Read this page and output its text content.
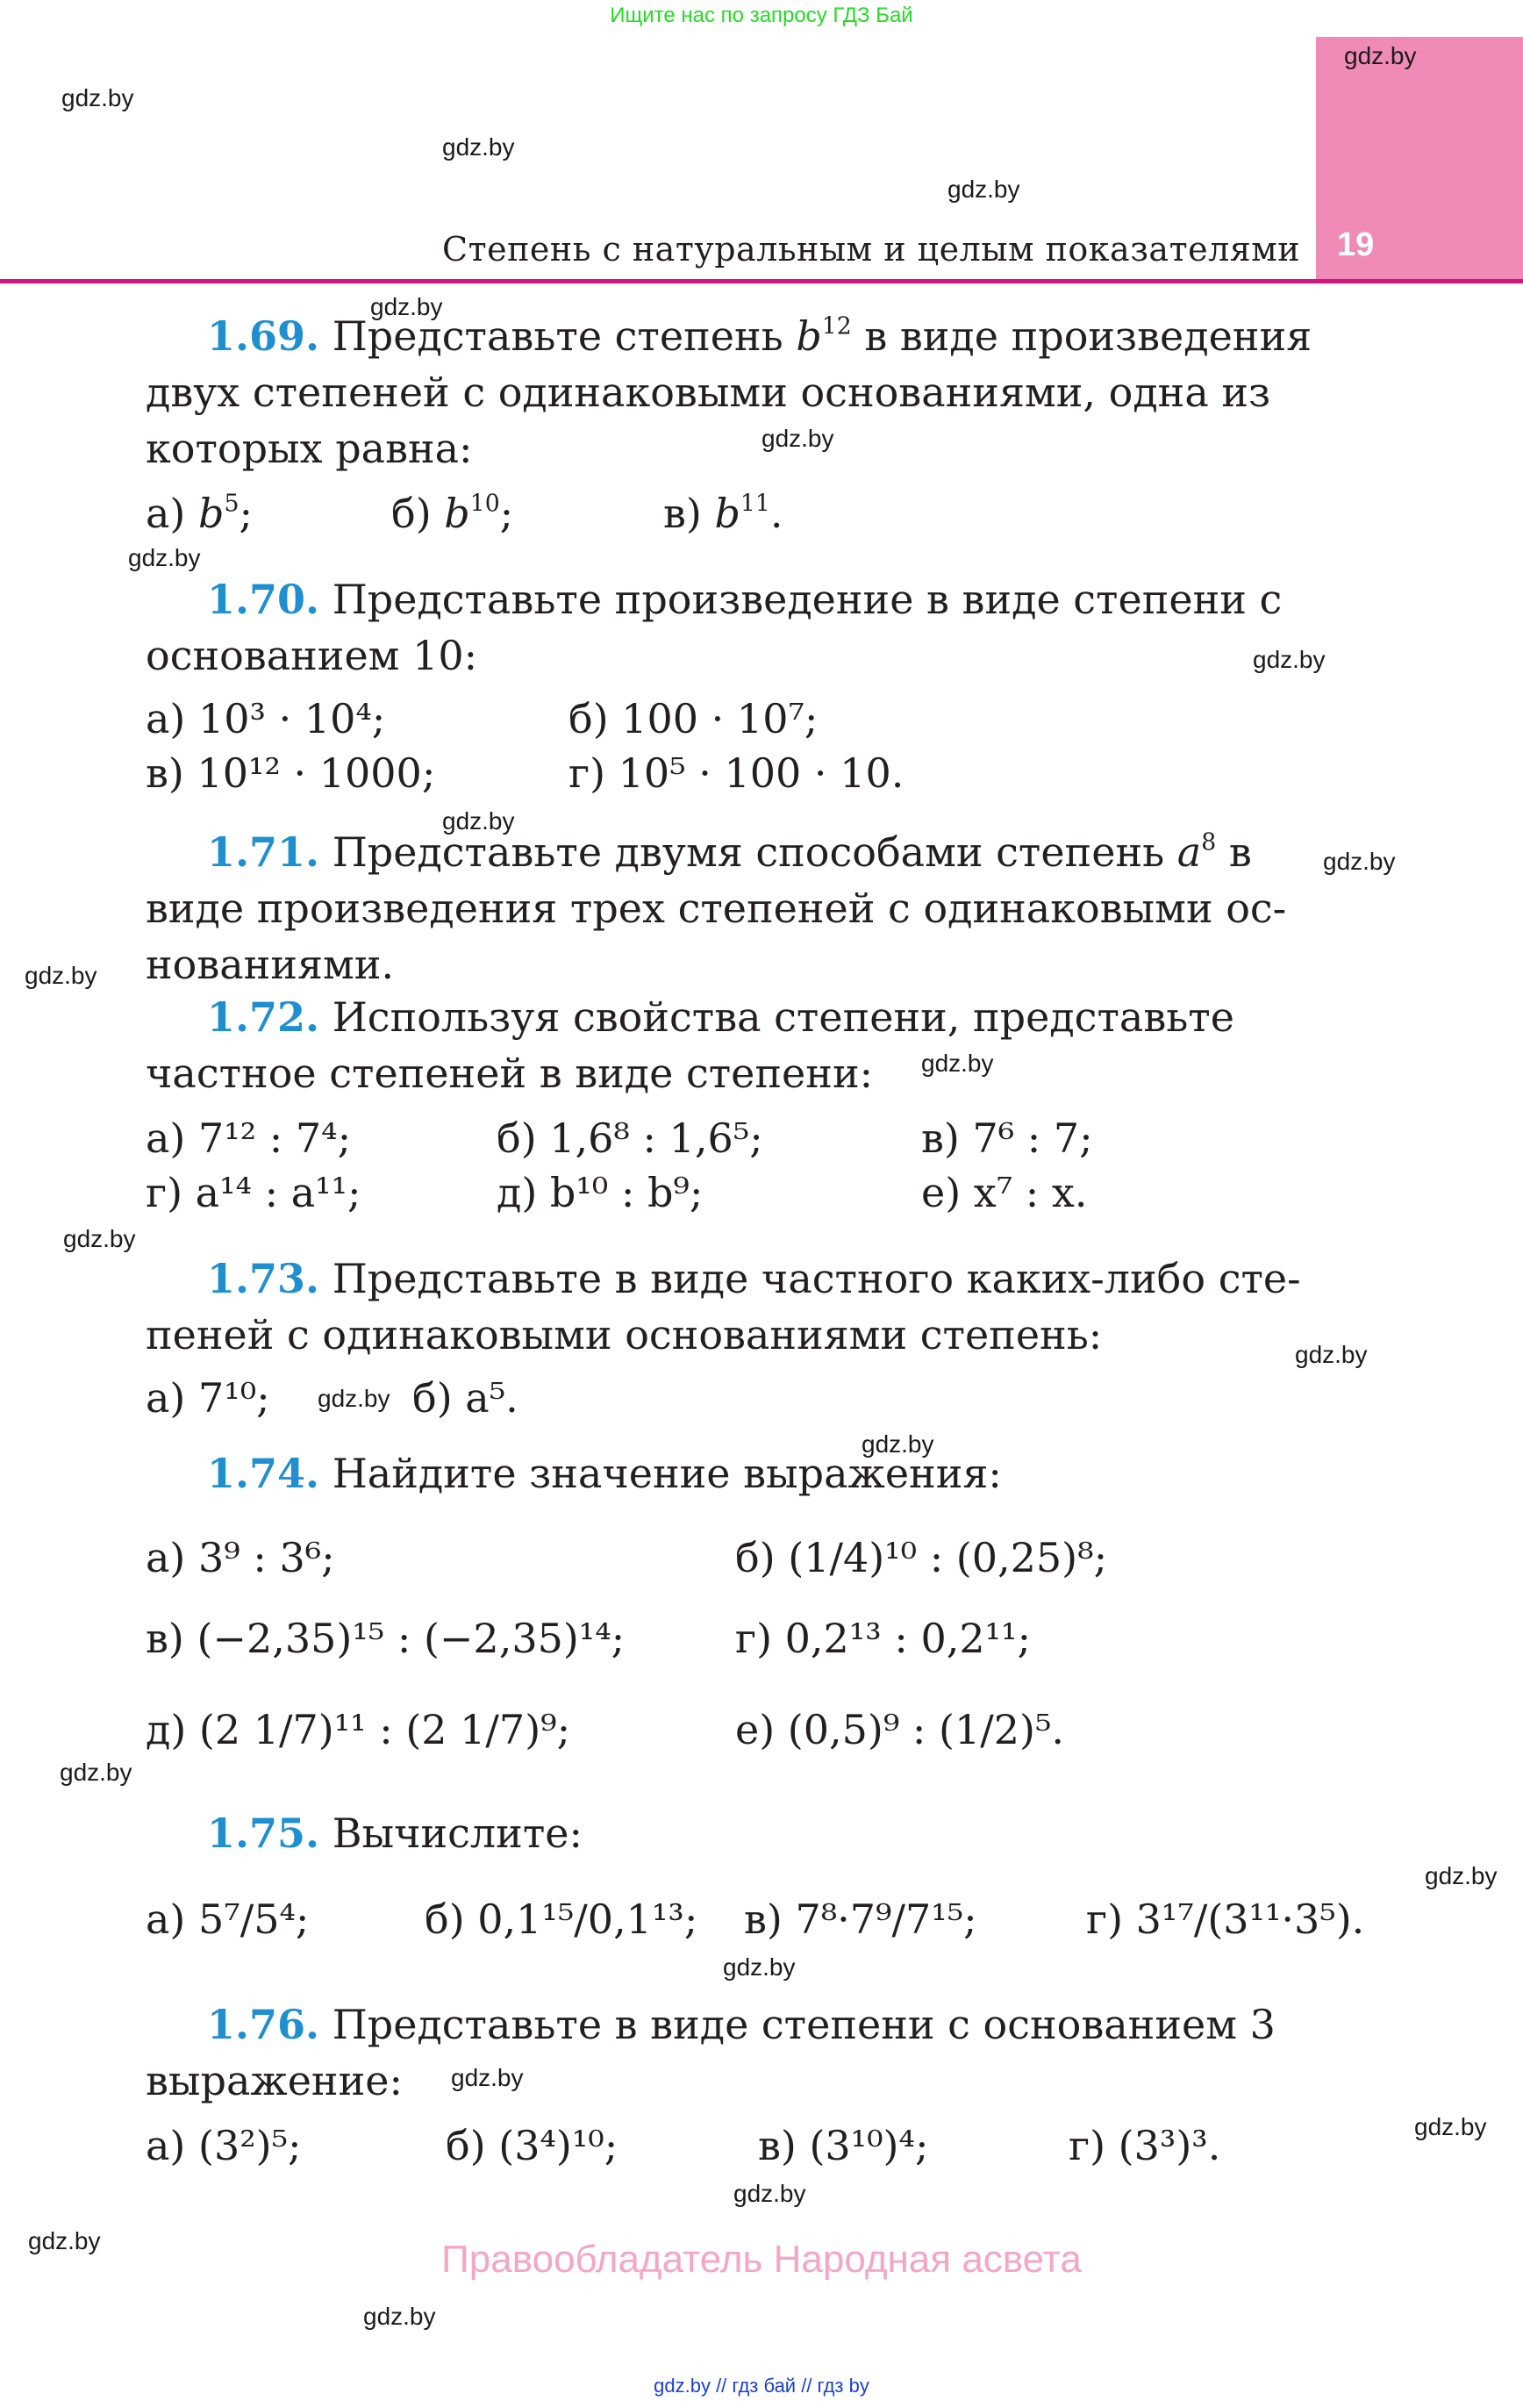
Ищите нас по запросу ГДЗ Бай
19
Степень с натуральным и целым показателями
gdz.by
gdz.by
gdz.by
gdz.by
gdz.by
gdz.by
gdz.by
gdz.by
gdz.by
gdz.by
gdz.by
gdz.by
gdz.by
gdz.by
gdz.by
gdz.by
gdz.by
gdz.by
gdz.by
gdz.by
gdz.by
gdz.by
gdz.by
gdz.by
1.69. Представьте степень $b^{12}$ в виде произведения
двух степеней с одинаковыми основаниями, одна из
которых равна:
а) $b^5$;	б) $b^{10}$;	в) $b^{11}$.
1.70. Представьте произведение в виде степени с
основанием 10:
а) 10³ · 10⁴;	б) 100 · 10⁷;
в) 10¹² · 1000;	г) 10⁵ · 100 · 10.
1.71. Представьте двумя способами степень $a^8$ в
виде произведения трех степеней с одинаковыми ос-
нованиями.
1.72. Используя свойства степени, представьте
частное степеней в виде степени:
а) 7¹² : 7⁴;	б) 1,6⁸ : 1,6⁵;	в) 7⁶ : 7;
г) a¹⁴ : a¹¹;	д) b¹⁰ : b⁹;	е) x⁷ : x.
1.73. Представьте в виде частного каких-либо сте-
пеней с одинаковыми основаниями степень:
а) 7¹⁰;	б) a⁵.
1.74. Найдите значение выражения:
а) 3⁹ : 3⁶;	б) (1/4)¹⁰ : (0,25)⁸;
в) (−2,35)¹⁵ : (−2,35)¹⁴;	г) 0,2¹³ : 0,2¹¹;
д) (2 1/7)¹¹ : (2 1/7)⁹;	е) (0,5)⁹ : (1/2)⁵.
1.75. Вычислите:
а) 5⁷/5⁴;	б) 0,1¹⁵/0,1¹³; в) 7⁸·7⁹/7¹⁵;	г) 3¹⁷/(3¹¹·3⁵).
1.76. Представьте в виде степени с основанием 3
выражение:
а) (3²)⁵;	б) (3⁴)¹⁰;	в) (3¹⁰)⁴;	г) (3³)³.
Правообладатель Народная асвета
gdz.by // гдз бай // гдз by
